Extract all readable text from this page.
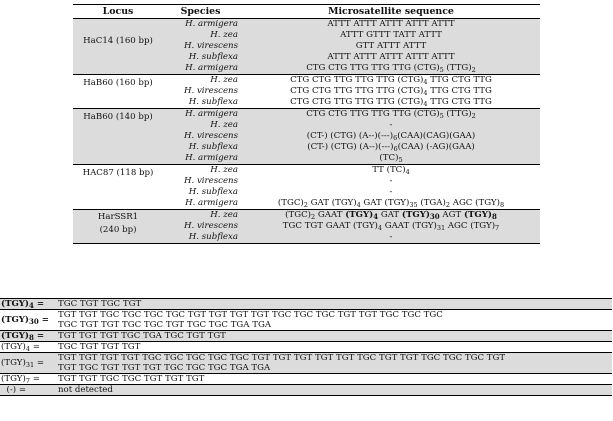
Locus	Species	Microsatellite sequence
HaC14 (160 bp)	H. armigera	ATTT ATTT ATTT ATTT ATTT
	H. zea	ATTT GTTT TATT ATTT
	H. virescens	GTT ATTT ATTT
	H. subflexa	ATTT ATTT ATTT ATTT ATTT
	H. armigera	CTG CTG TTG TTG TTG $(CTG)_5$ $(TTG)_2$
HaB60 (160 bp)	H. zea	CTG CTG TTG TTG TTG $(CTG)_4$ TTG CTG TTG
	H. virescens	CTG CTG TTG TTG TTG $(CTG)_4$ TTG CTG TTG
	H. subflexa	CTG CTG TTG TTG TTG $(CTG)_4$ TTG CTG TTG
HaB60 (140 bp)	H. armigera	CTG CTG TTG TTG TTG $(CTG)_5$ $(TTG)_2$
	H. zea	-
	H. virescens	(CT-) (CTG) $(A--)(---)_6(CAA)(CAG)(GAA)$
	H. subflexa	(CT-) (CTG) $(A--)(---)_6(CAA)$ (-AG)(GAA)
	H. armigera	$(TC)_5$
HAC87 (118 bp)	H. zea	TT $(TC)_4$
	H. virescens	-
	H. subflexa	-
	H. armigera	$(TGC)_2$ GAT $(TGY)_4$ GAT $(TGY)_{35}$ $(TGA)_2$ AGC $(TGY)_8$
HarSSR1
(240 bp)	H. zea	$(TGC)_2$ GAAT $(TGY)_4$ GAT $(TGY)_{30}$ AGT $(TGY)_8$
	H. virescens	TGC TGT GAAT $(TGY)_4$ GAAT $(TGY)_{31}$ AGC $(TGY)_7$
	H. subflexa	-
$(TGY)_4$ =	TGC TGT TGC TGT
$(TGY)_{30}$ =	TGT TGT TGC TGC TGC TGC TGT TGT TGT TGT TGC TGC TGC TGT TGT TGC TGC TGC
TGC TGT TGT TGC TGC TGT TGC TGC TGA TGA
$(TGY)_8$ =	TGT TGT TGT TGC TGA TGC TGT TGT
$(TGY)_4$ =	TGC TGT TGT TGT
$(TGY)_{31}$ =	TGT TGT TGT TGT TGC TGC TGC TGC TGC TGT TGT TGT TGT TGT TGC TGT TGT TGC TGC TGC TGT
TGT TGC TGT TGT TGT TGC TGC TGC TGA TGA
$(TGY)_7$ =	TGT TGT TGC TGC TGT TGT TGT
(-) =	not detected
